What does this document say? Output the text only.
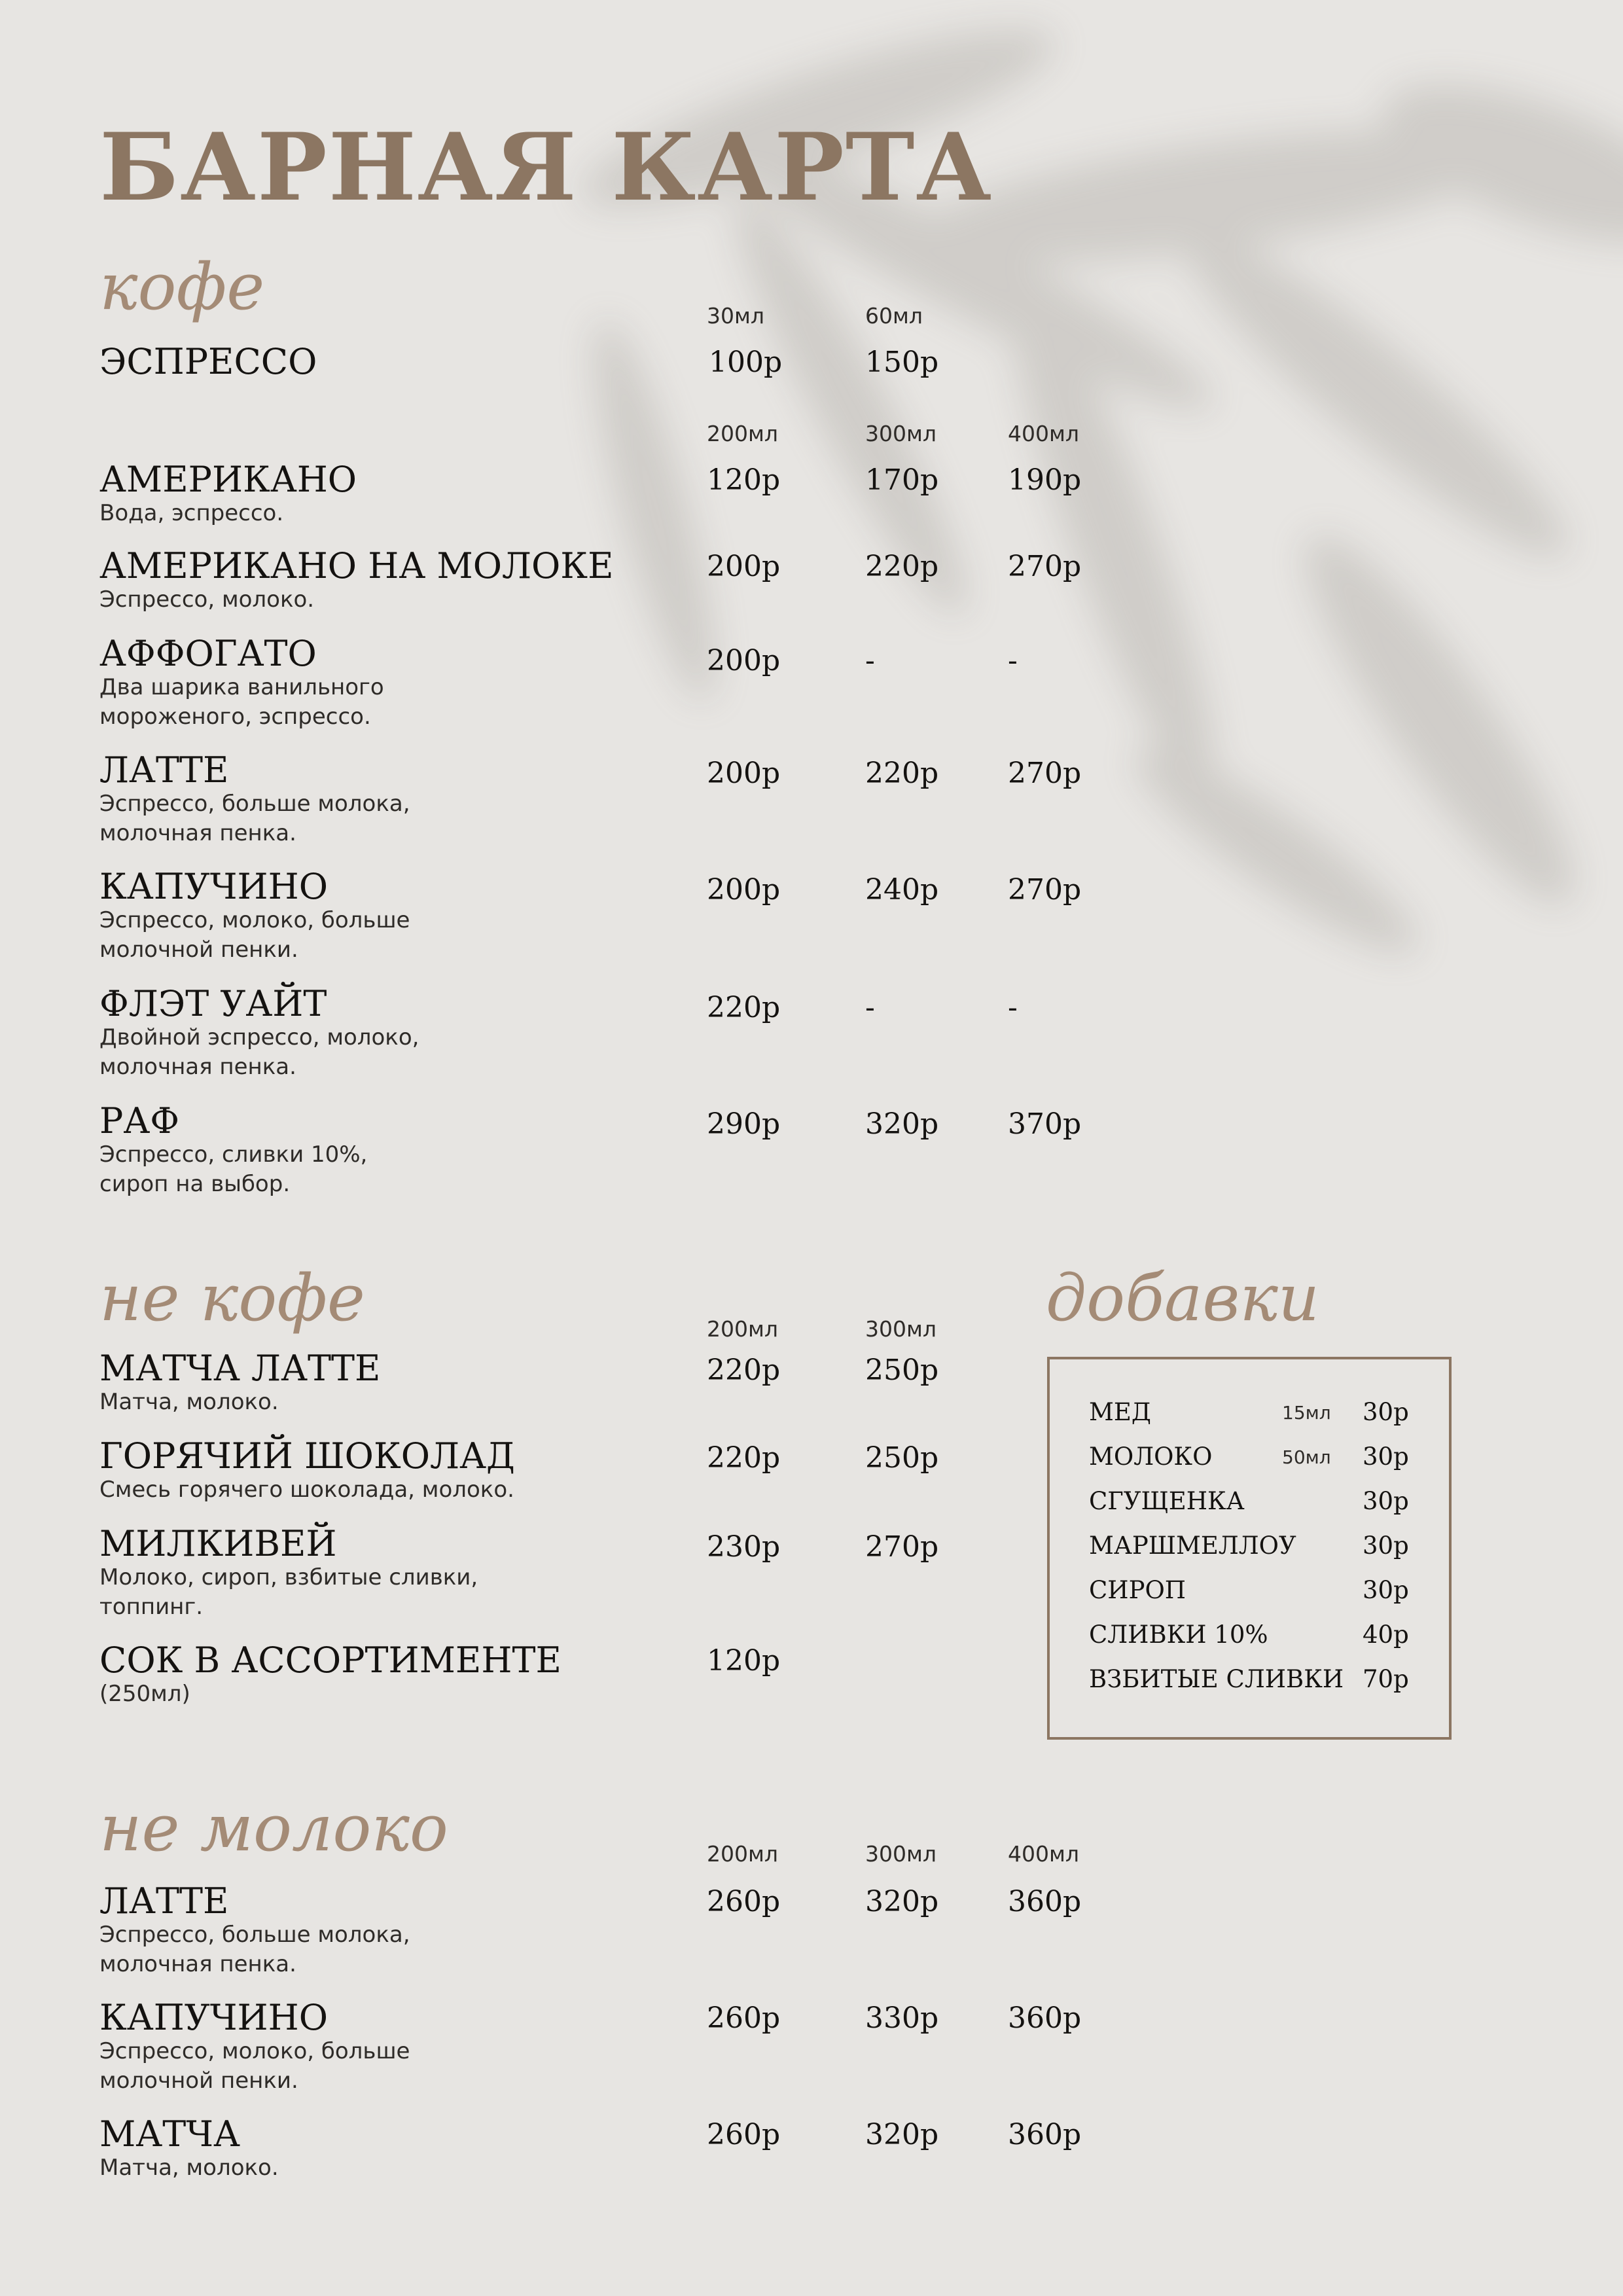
БАРНАЯ КАРТА
кофе	30мл	60мл
ЭСПРЕССО	100р	150р
200мл	300мл	400мл
АМЕРИКАНО
Вода, эспрессо.
120р	170р 190р
АМЕРИКАНО НА МОЛОКЕ
Эспрессо, молоко.
200р	220р 270р
АФФОГАТО
Два шарика ванильного
мороженого, эспрессо.
200р	-	-
ЛАТТЕ
Эспрессо, больше молока,
молочная пенка.
200р	220р 270р
КАПУЧИНО
Эспрессо, молоко, больше
молочной пенки.
200р	240р 270р
ФЛЭТ УАЙТ
Двойной эспрессо, молоко,
молочная пенка.
220р	-	-
РАФ
Эспрессо, сливки 10%,
сироп на выбор.
290р	320р 370р
не кофе	200мл	300мл
МАТЧА ЛАТТЕ
Матча, молоко.
220р	250р
ГОРЯЧИЙ ШОКОЛАД
Смесь горячего шоколада, молоко.
220р	250р
МИЛКИВЕЙ
Молоко, сироп, взбитые сливки,
топпинг.
230р	270р
СОК В АССОРТИМЕНТЕ
(250мл)
120р
добавки
МЕД	15мл 30р
МОЛОКО	50мл 30р
СГУЩЕНКА	30р
МАРШМЕЛЛОУ	30р
СИРОП	30р
СЛИВКИ 10%	40р
ВЗБИТЫЕ СЛИВКИ 70р
не молоко	200мл	300мл	400мл
ЛАТТЕ
Эспрессо, больше молока,
молочная пенка.
260р	320р 360р
КАПУЧИНО
Эспрессо, молоко, больше
молочной пенки.
260р	330р 360р
МАТЧА
Матча, молоко.
260р	320р 360р
